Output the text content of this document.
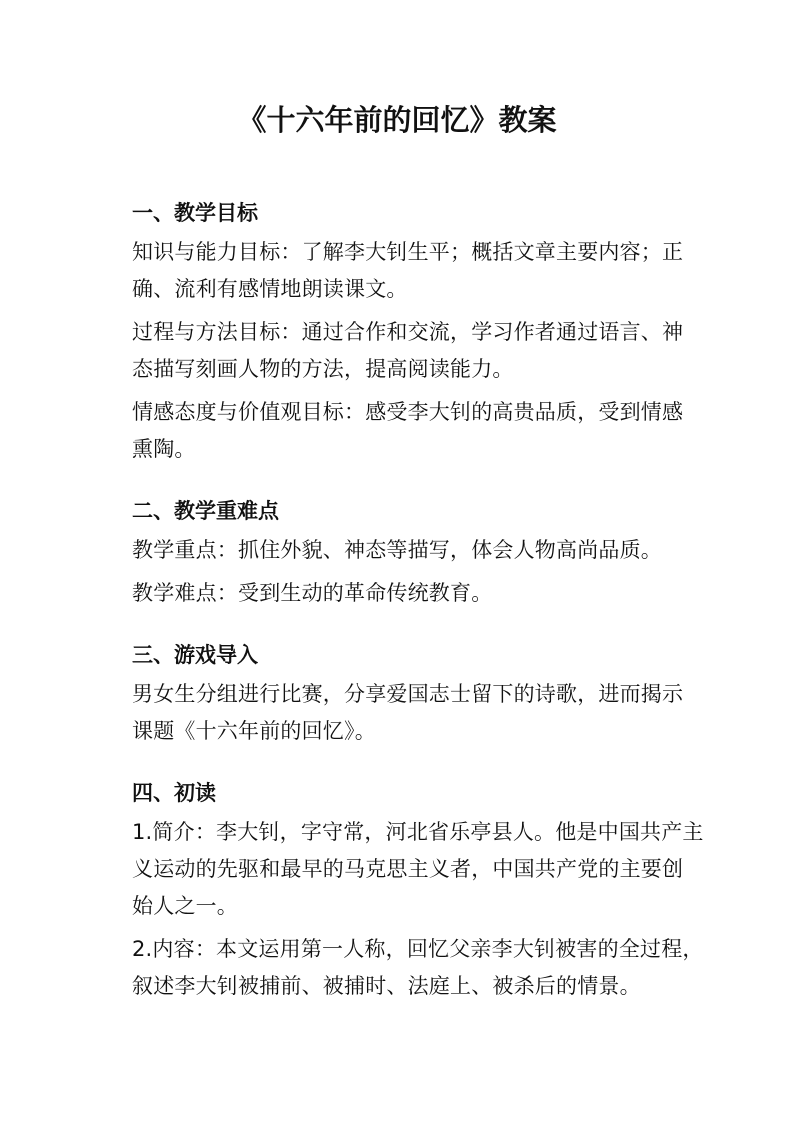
《十六年前的回忆》教案
一、教学目标

知识与能力目标：了解李大钊生平；概括文章主要内容；正确、流利有感情地朗读课文。

过程与方法目标：通过合作和交流，学习作者通过语言、神态描写刻画人物的方法，提高阅读能力。

情感态度与价值观目标：感受李大钊的高贵品质，受到情感熏陶。

二、教学重难点

教学重点：抓住外貌、神态等描写，体会人物高尚品质。

教学难点：受到生动的革命传统教育。

三、游戏导入

男女生分组进行比赛，分享爱国志士留下的诗歌，进而揭示课题《十六年前的回忆》。

四、初读

1.简介：李大钊，字守常，河北省乐亭县人。他是中国共产主义运动的先驱和最早的马克思主义者，中国共产党的主要创始人之一。

2.内容：本文运用第一人称，回忆父亲李大钊被害的全过程，叙述李大钊被捕前、被捕时、法庭上、被杀后的情景。
